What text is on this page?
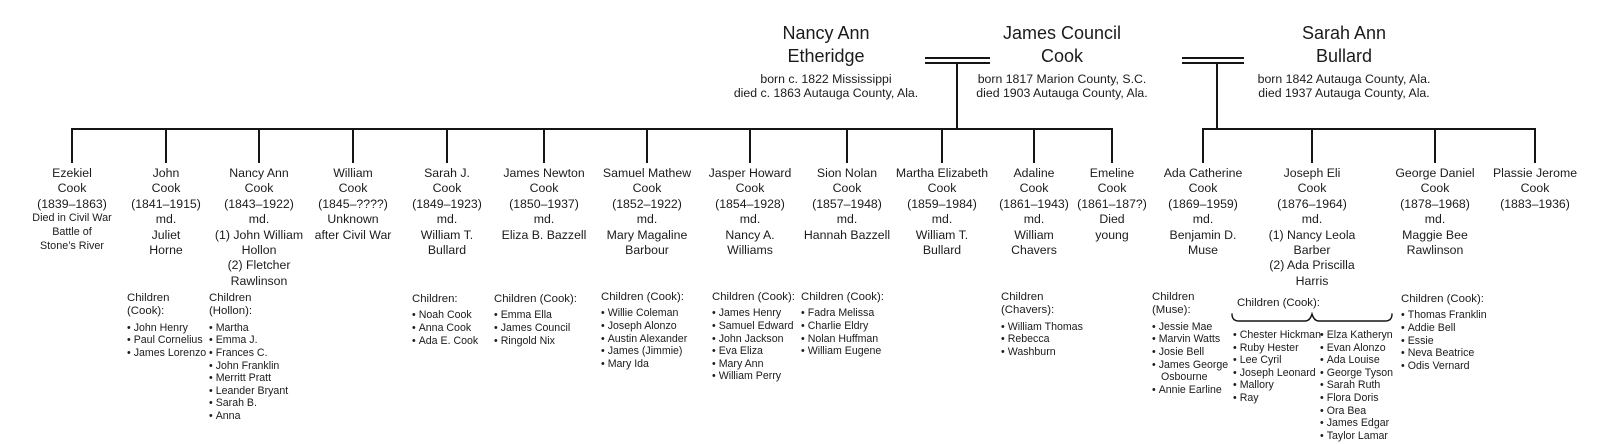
Nancy Ann
Etheridge
born c. 1822 Mississippi
died c. 1863 Autauga County, Ala.
James Council
Cook
born 1817 Marion County, S.C.
died 1903 Autauga County, Ala.
Sarah Ann
Bullard
born 1842 Autauga County, Ala.
died 1937 Autauga County, Ala.
Ezekiel
Cook
(1839–1863)
Died in Civil War
Battle of
Stone’s River
John
Cook
(1841–1915)
md.
Juliet
Horne
Nancy Ann
Cook
(1843–1922)
md.
(1) John William
Hollon
(2) Fletcher
Rawlinson
William
Cook
(1845–????)
Unknown
after Civil War
Sarah J.
Cook
(1849–1923)
md.
William T.
Bullard
James Newton
Cook
(1850–1937)
md.
Eliza B. Bazzell
Samuel Mathew
Cook
(1852–1922)
md.
Mary Magaline
Barbour
Jasper Howard
Cook
(1854–1928)
md.
Nancy A.
Williams
Sion Nolan
Cook
(1857–1948)
md.
Hannah Bazzell
Martha Elizabeth
Cook
(1859–1984)
md.
William T.
Bullard
Adaline
Cook
(1861–1943)
md.
William
Chavers
Emeline
Cook
(1861–187?)
Died
young
Ada Catherine
Cook
(1869–1959)
md.
Benjamin D.
Muse
Joseph Eli
Cook
(1876–1964)
md.
(1) Nancy Leola
Barber
(2) Ada Priscilla
Harris
George Daniel
Cook
(1878–1968)
md.
Maggie Bee
Rawlinson
Plassie Jerome
Cook
(1883–1936)
Children
(Cook):
• John Henry
• Paul Cornelius
• James Lorenzo
Children
(Hollon):
• Martha
• Emma J.
• Frances C.
• John Franklin
• Merritt Pratt
• Leander Bryant
• Sarah B.
• Anna
Children:
• Noah Cook
• Anna Cook
• Ada E. Cook
Children (Cook):
• Emma Ella
• James Council
• Ringold Nix
Children (Cook):
• Willie Coleman
• Joseph Alonzo
• Austin Alexander
• James (Jimmie)
• Mary Ida
Children (Cook):
• James Henry
• Samuel Edward
• John Jackson
• Eva Eliza
• Mary Ann
• William Perry
Children (Cook):
• Fadra Melissa
• Charlie Eldry
• Nolan Huffman
• William Eugene
Children
(Chavers):
• William Thomas
• Rebecca
• Washburn
Children
(Muse):
• Jessie Mae
• Marvin Watts
• Josie Bell
• James George Osbourne
• Annie Earline
Children (Cook):
• Chester Hickman
• Ruby Hester
• Lee Cyril
• Joseph Leonard
• Mallory
• Ray
• Elza Katheryn
• Evan Alonzo
• Ada Louise
• George Tyson
• Sarah Ruth
• Flora Doris
• Ora Bea
• James Edgar
• Taylor Lamar
Children (Cook):
• Thomas Franklin
• Addie Bell
• Essie
• Neva Beatrice
• Odis Vernard
